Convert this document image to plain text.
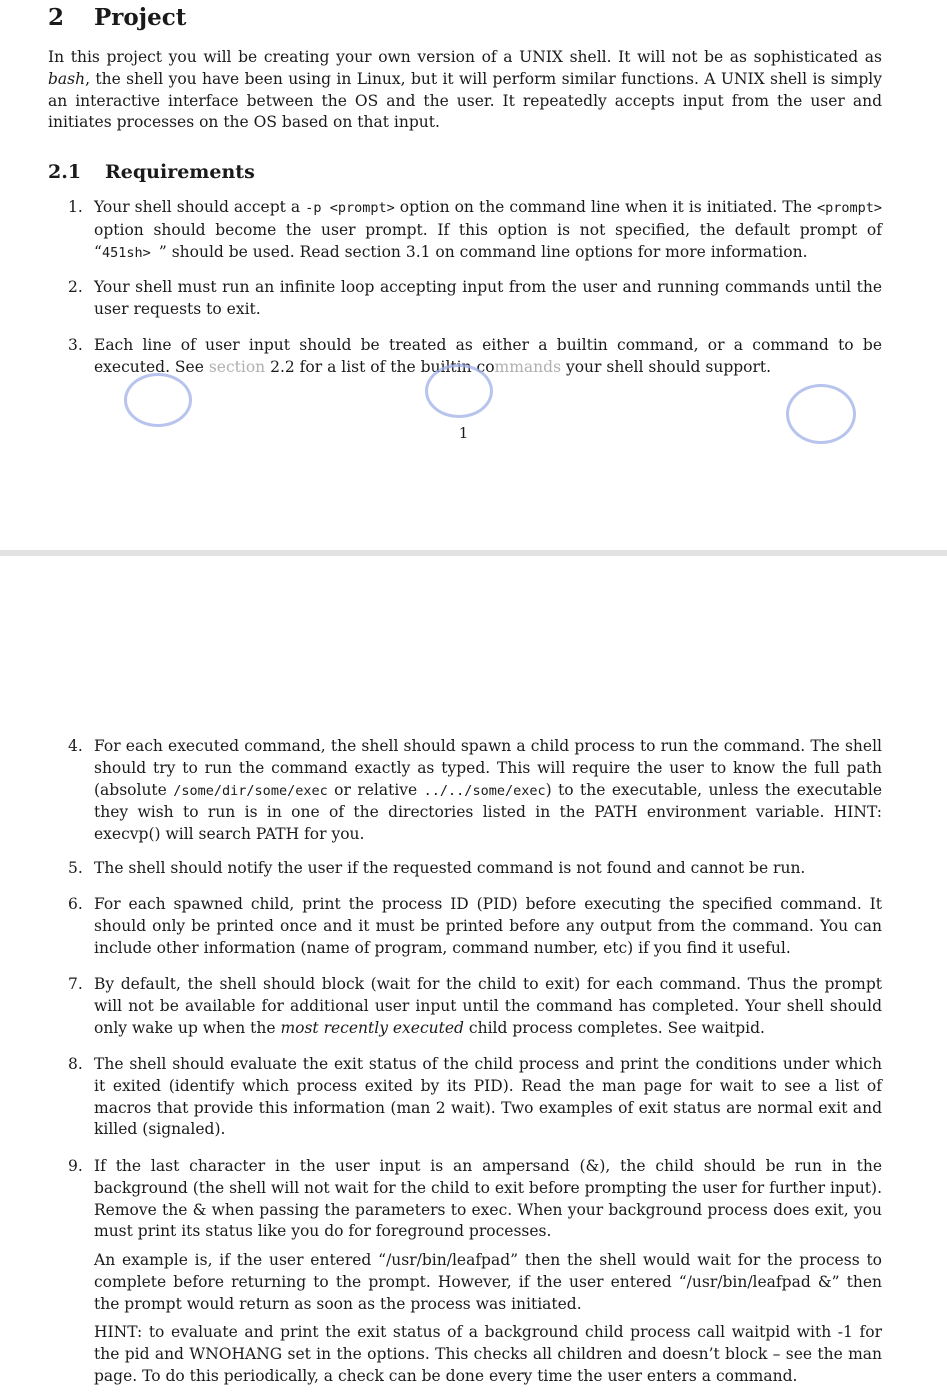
2 Project
In this project you will be creating your own version of a UNIX shell. It will not be as sophisticated as bash, the shell you have been using in Linux, but it will perform similar functions. A UNIX shell is simply an interactive interface between the OS and the user. It repeatedly accepts input from the user and initiates processes on the OS based on that input.
2.1 Requirements
1. Your shell should accept a -p <prompt> option on the command line when it is initiated. The <prompt> option should become the user prompt. If this option is not specified, the default prompt of “451sh> ” should be used. Read section 3.1 on command line options for more information.
2. Your shell must run an infinite loop accepting input from the user and running commands until the user requests to exit.
3. Each line of user input should be treated as either a builtin command, or a command to be executed. See section 2.2 for a list of the builtin commands your shell should support.
1
4. For each executed command, the shell should spawn a child process to run the command. The shell should try to run the command exactly as typed. This will require the user to know the full path (absolute /some/dir/some/exec or relative ../../some/exec) to the executable, unless the executable they wish to run is in one of the directories listed in the PATH environment variable. HINT: execvp() will search PATH for you.
5. The shell should notify the user if the requested command is not found and cannot be run.
6. For each spawned child, print the process ID (PID) before executing the specified command. It should only be printed once and it must be printed before any output from the command. You can include other information (name of program, command number, etc) if you find it useful.
7. By default, the shell should block (wait for the child to exit) for each command. Thus the prompt will not be available for additional user input until the command has completed. Your shell should only wake up when the most recently executed child process completes. See waitpid.
8. The shell should evaluate the exit status of the child process and print the conditions under which it exited (identify which process exited by its PID). Read the man page for wait to see a list of macros that provide this information (man 2 wait). Two examples of exit status are normal exit and killed (signaled).
9. If the last character in the user input is an ampersand (&), the child should be run in the background (the shell will not wait for the child to exit before prompting the user for further input). Remove the & when passing the parameters to exec. When your background process does exit, you must print its status like you do for foreground processes.
An example is, if the user entered “/usr/bin/leafpad” then the shell would wait for the process to complete before returning to the prompt. However, if the user entered “/usr/bin/leafpad &” then the prompt would return as soon as the process was initiated.
HINT: to evaluate and print the exit status of a background child process call waitpid with -1 for the pid and WNOHANG set in the options. This checks all children and doesn’t block – see the man page. To do this periodically, a check can be done every time the user enters a command.
